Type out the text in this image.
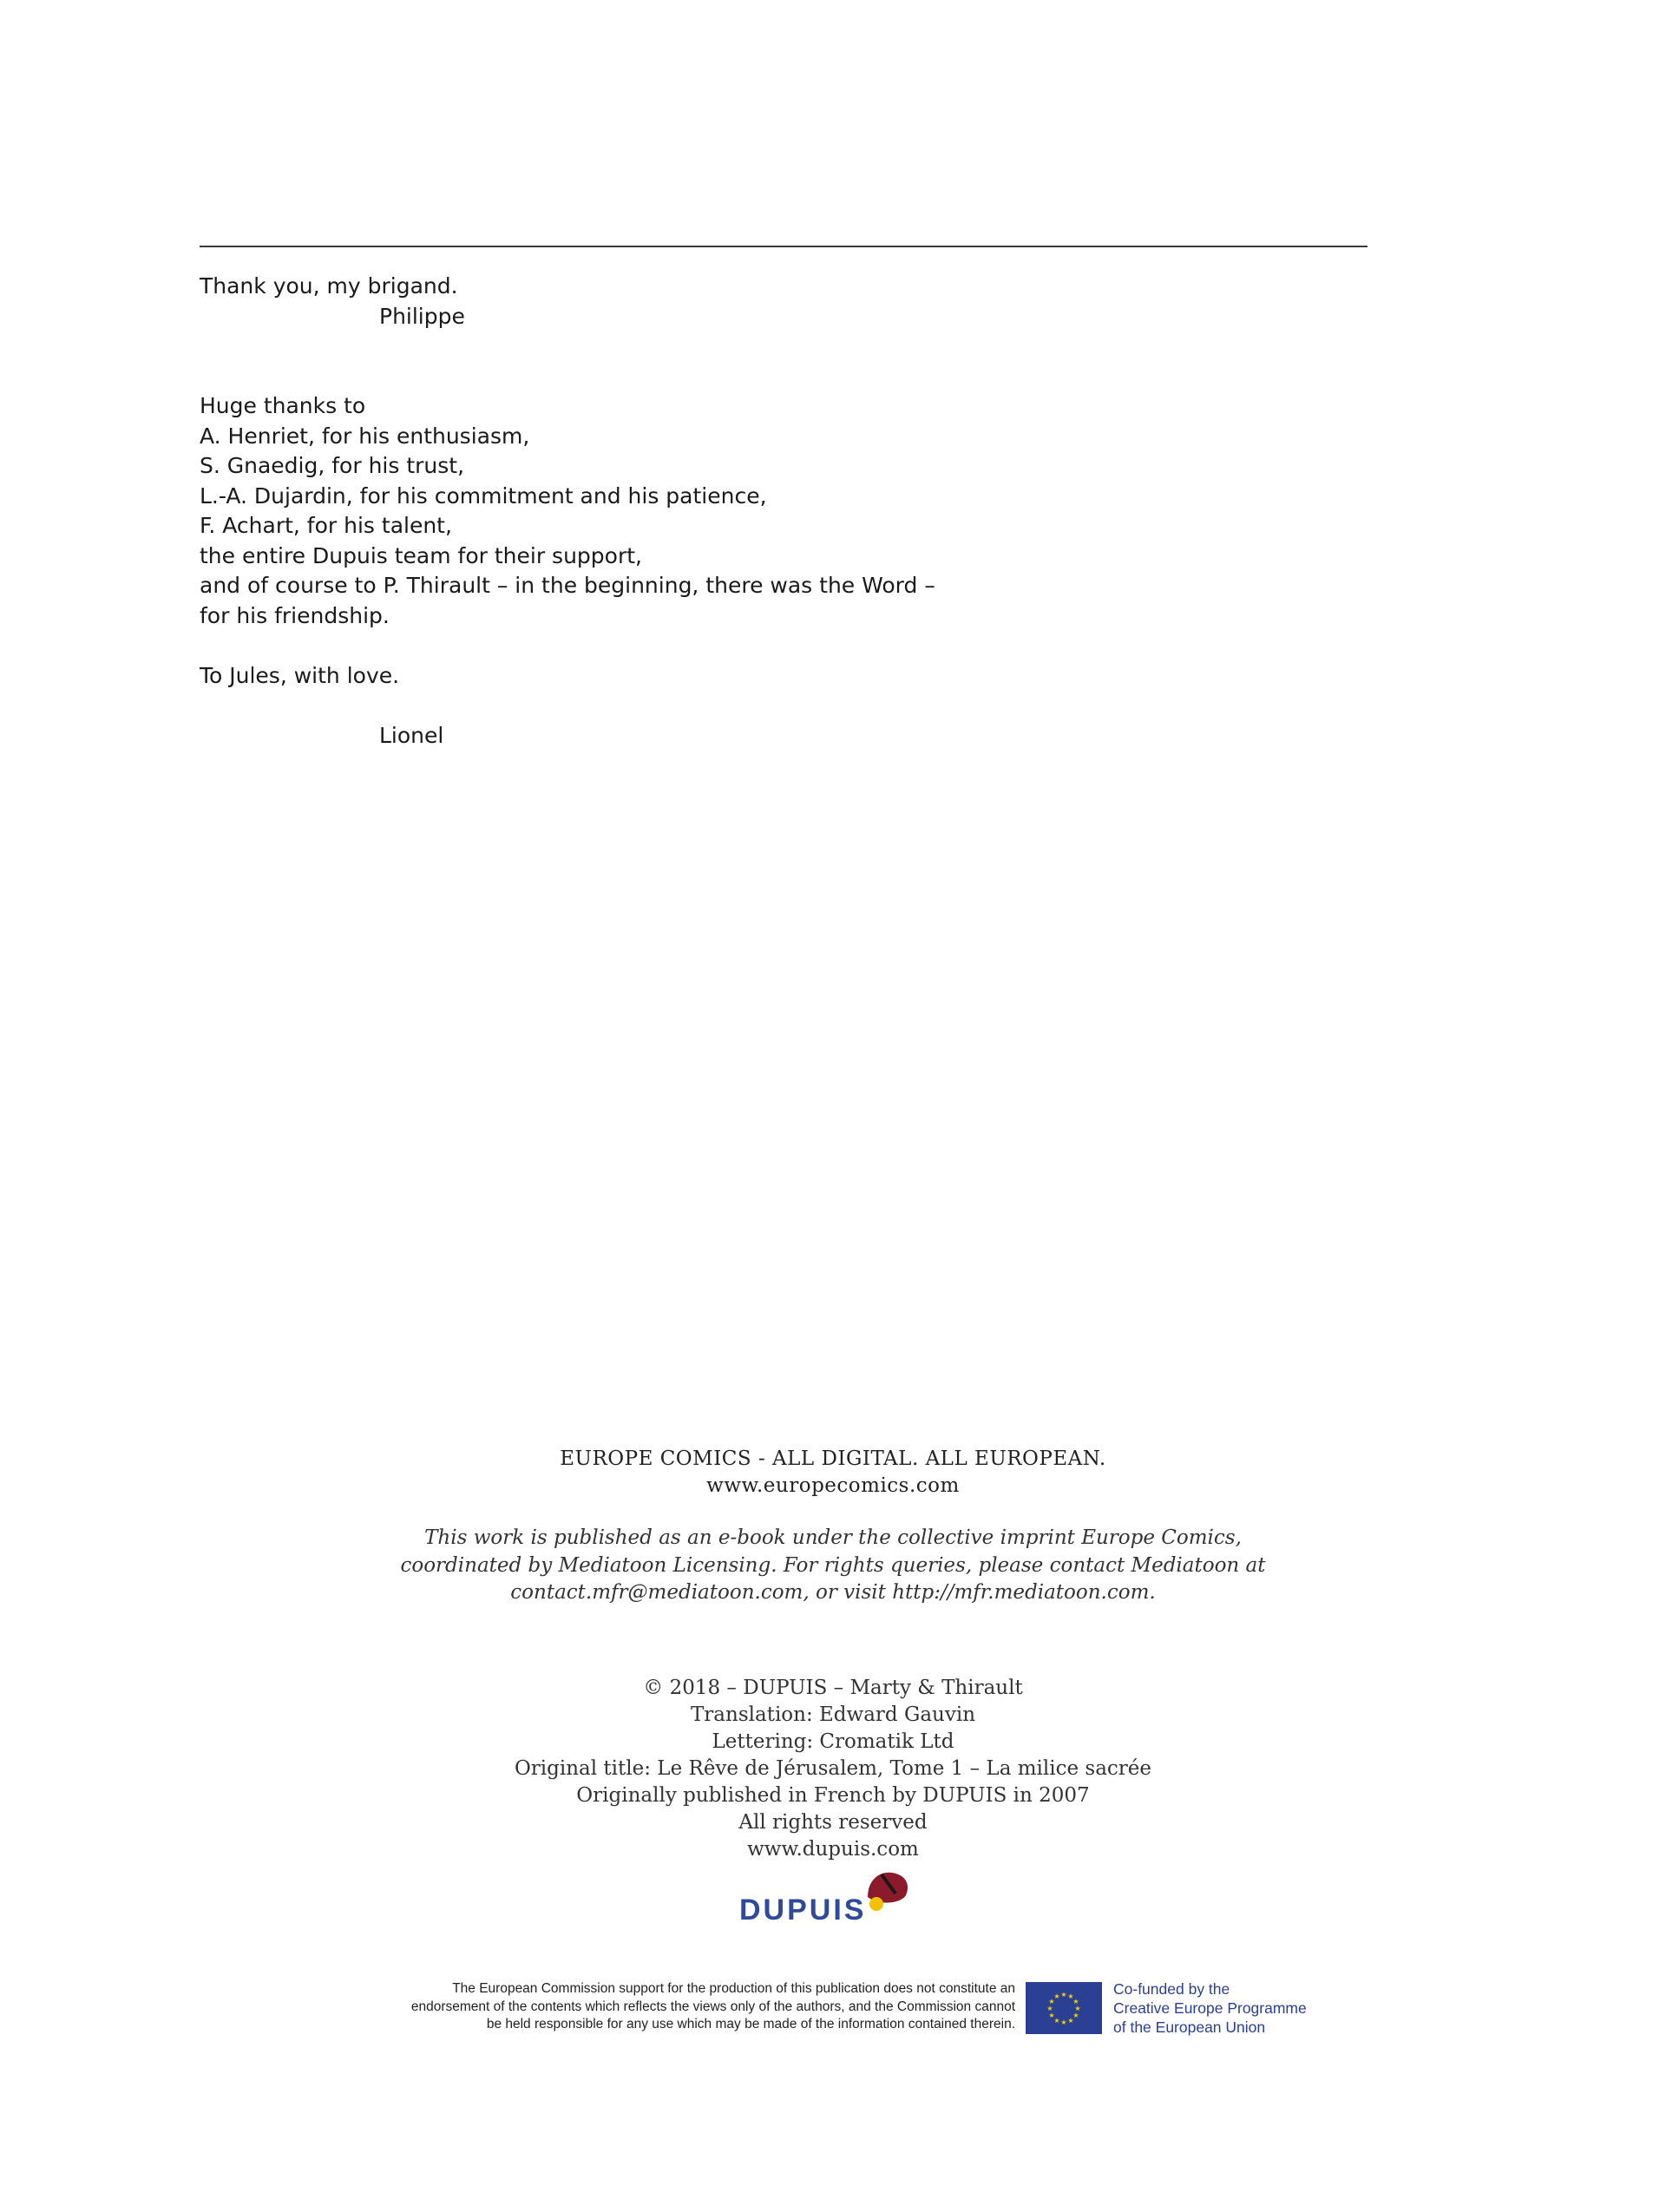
Thank you, my brigand.
Philippe
Huge thanks to
A. Henriet, for his enthusiasm,
S. Gnaedig, for his trust,
L.-A. Dujardin, for his commitment and his patience,
F. Achart, for his talent,
the entire Dupuis team for their support,
and of course to P. Thirault – in the beginning, there was the Word –
for his friendship.
To Jules, with love.
Lionel
EUROPE COMICS - ALL DIGITAL. ALL EUROPEAN.
www.europecomics.com
This work is published as an e-book under the collective imprint Europe Comics,
coordinated by Mediatoon Licensing. For rights queries, please contact Mediatoon at
contact.mfr@mediatoon.com, or visit http://mfr.mediatoon.com.
© 2018 – DUPUIS – Marty & Thirault
Translation: Edward Gauvin
Lettering: Cromatik Ltd
Original title: Le Rêve de Jérusalem, Tome 1 – La milice sacrée
Originally published in French by DUPUIS in 2007
All rights reserved
www.dupuis.com
DUPUIS
The European Commission support for the production of this publication does not constitute an
endorsement of the contents which reflects the views only of the authors, and the Commission cannot
be held responsible for any use which may be made of the information contained therein.
★ ★
★
★
★
★
★
★
★
★
★
★	Co-funded by the
Creative Europe Programme
of the European Union
